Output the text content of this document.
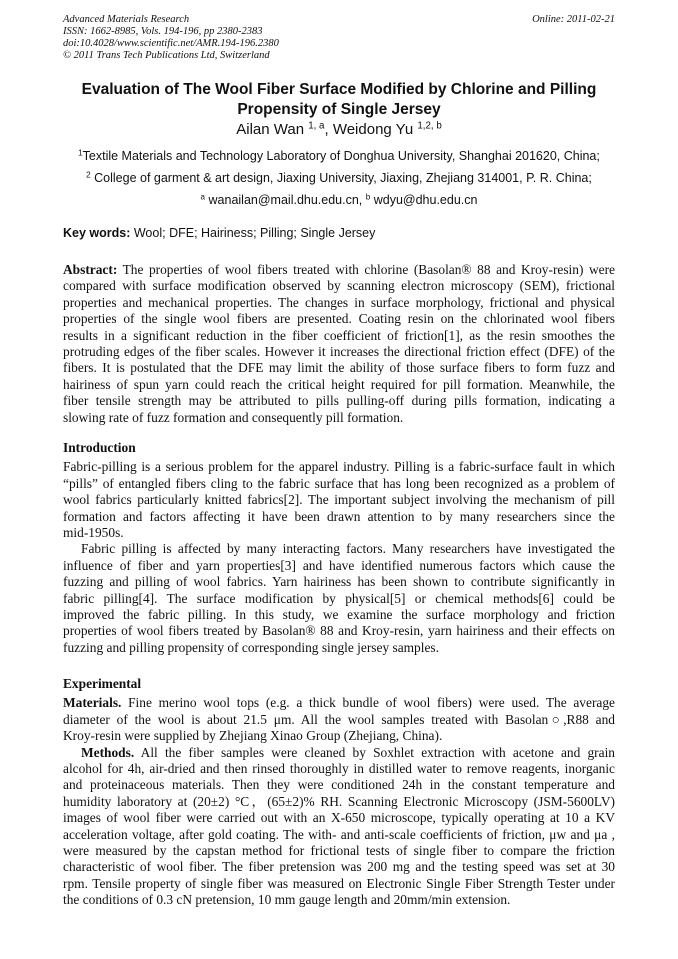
Advanced Materials Research
ISSN: 1662-8985, Vols. 194-196, pp 2380-2383
doi:10.4028/www.scientific.net/AMR.194-196.2380
© 2011 Trans Tech Publications Ltd, Switzerland
Online: 2011-02-21
Evaluation of The Wool Fiber Surface Modified by Chlorine and Pilling
Propensity of Single Jersey
Ailan Wan $^{1, a}$, Weidong Yu $^{1,2, b}$
$^1$Textile Materials and Technology Laboratory of Donghua University, Shanghai 201620, China;
$^2$ College of garment & art design, Jiaxing University, Jiaxing, Zhejiang 314001, P. R. China;
$^a$ wanailan@mail.dhu.edu.cn, $^b$ wdyu@dhu.edu.cn
Key words: Wool; DFE; Hairiness; Pilling; Single Jersey
Abstract: The properties of wool fibers treated with chlorine (Basolan® 88 and Kroy-resin) were
compared with surface modification observed by scanning electron microscopy (SEM), frictional
properties and mechanical properties. The changes in surface morphology, frictional and physical
properties of the single wool fibers are presented. Coating resin on the chlorinated wool fibers
results in a significant reduction in the fiber coefficient of friction[1], as the resin smoothes the
protruding edges of the fiber scales. However it increases the directional friction effect (DFE) of the
fibers. It is postulated that the DFE may limit the ability of those surface fibers to form fuzz and
hairiness of spun yarn could reach the critical height required for pill formation. Meanwhile, the
fiber tensile strength may be attributed to pills pulling-off during pills formation, indicating a
slowing rate of fuzz formation and consequently pill formation.
Introduction
Fabric-pilling is a serious problem for the apparel industry. Pilling is a fabric-surface fault in which
“pills” of entangled fibers cling to the fabric surface that has long been recognized as a problem of
wool fabrics particularly knitted fabrics[2]. The important subject involving the mechanism of pill
formation and factors affecting it have been drawn attention to by many researchers since the
mid-1950s.
Fabric pilling is affected by many interacting factors. Many researchers have investigated the
influence of fiber and yarn properties[3] and have identified numerous factors which cause the
fuzzing and pilling of wool fabrics. Yarn hairiness has been shown to contribute significantly in
fabric pilling[4]. The surface modification by physical[5] or chemical methods[6] could be
improved the fabric pilling. In this study, we examine the surface morphology and friction
properties of wool fibers treated by Basolan® 88 and Kroy-resin, yarn hairiness and their effects on
fuzzing and pilling propensity of corresponding single jersey samples.
Experimental
Materials. Fine merino wool tops (e.g. a thick bundle of wool fibers) were used. The average
diameter of the wool is about 21.5 μm. All the wool samples treated with Basolan○,R88 and
Kroy-resin were supplied by Zhejiang Xinao Group (Zhejiang, China).
Methods. All the fiber samples were cleaned by Soxhlet extraction with acetone and grain
alcohol for 4h, air-dried and then rinsed thoroughly in distilled water to remove reagents, inorganic
and proteinaceous materials. Then they were conditioned 24h in the constant temperature and
humidity laboratory at (20±2) °C，(65±2)% RH. Scanning Electronic Microscopy (JSM-5600LV)
images of wool fiber were carried out with an X-650 microscope, typically operating at 10 a KV
acceleration voltage, after gold coating. The with- and anti-scale coefficients of friction, μw and μa ,
were measured by the capstan method for frictional tests of single fiber to compare the friction
characteristic of wool fiber. The fiber pretension was 200 mg and the testing speed was set at 30
rpm. Tensile property of single fiber was measured on Electronic Single Fiber Strength Tester under
the conditions of 0.3 cN pretension, 10 mm gauge length and 20mm/min extension.
